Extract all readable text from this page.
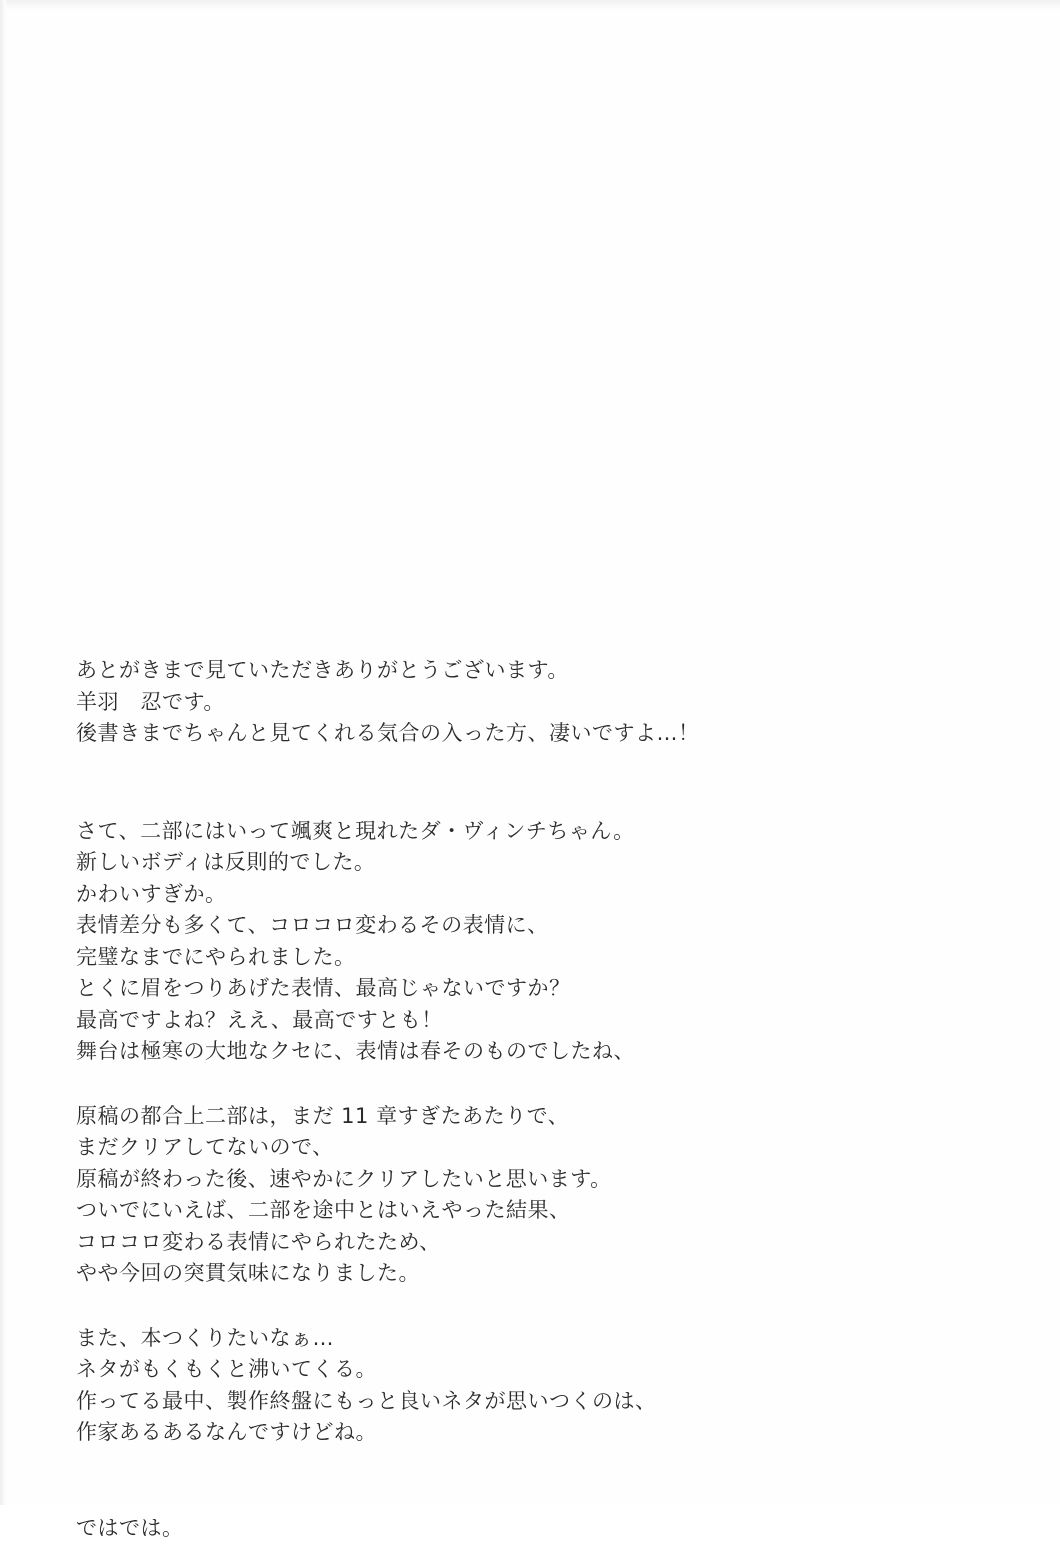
あとがきまで見ていただきありがとうございます。
羊羽　忍です。
後書きまでちゃんと見てくれる気合の入った方、凄いですよ…！
さて、二部にはいって颯爽と現れたダ・ヴィンチちゃん。
新しいボディは反則的でした。
かわいすぎか。
表情差分も多くて、コロコロ変わるその表情に、
完璧なまでにやられました。
とくに眉をつりあげた表情、最高じゃないですか？
最高ですよね？ええ、最高ですとも！
舞台は極寒の大地なクセに、表情は春そのものでしたね、
原稿の都合上二部は，まだ 11 章すぎたあたりで、
まだクリアしてないので、
原稿が終わった後、速やかにクリアしたいと思います。
ついでにいえば、二部を途中とはいえやった結果、
コロコロ変わる表情にやられたため、
やや今回の突貫気味になりました。
また、本つくりたいなぁ…
ネタがもくもくと沸いてくる。
作ってる最中、製作終盤にもっと良いネタが思いつくのは、
作家あるあるなんですけどね。
ではでは。
